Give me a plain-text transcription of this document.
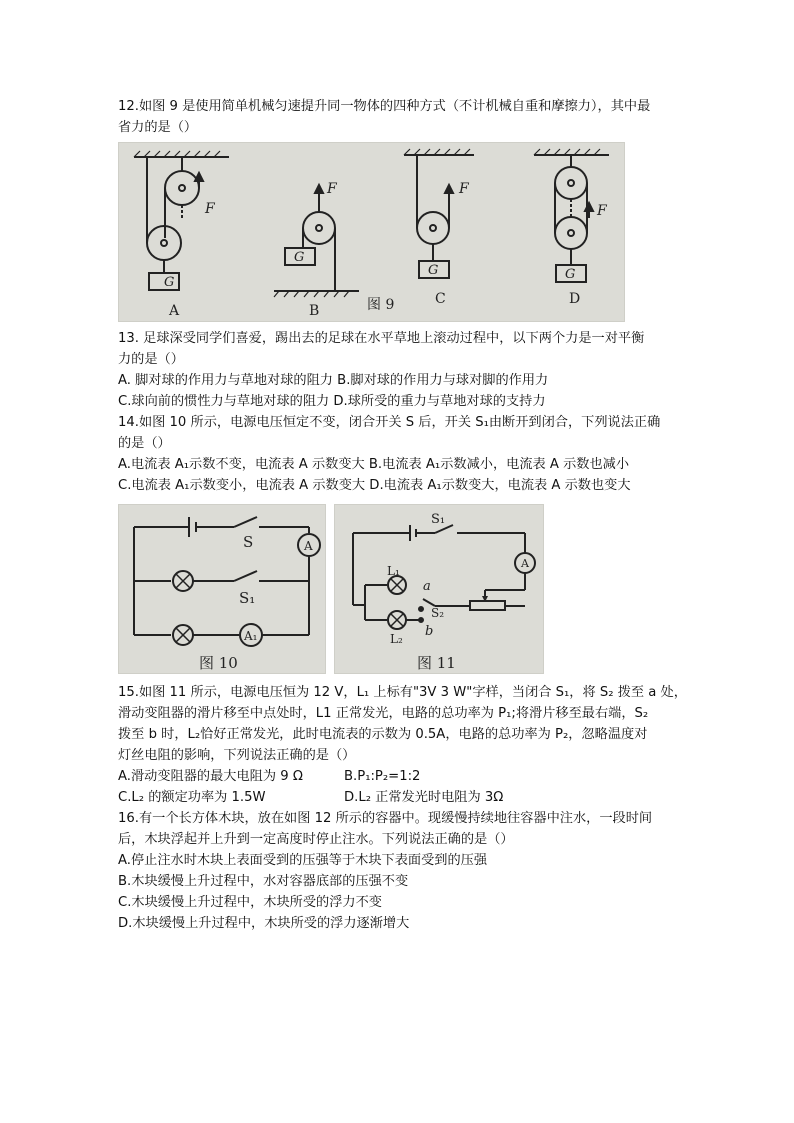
12.如图 9 是使用简单机械匀速提升同一物体的四种方式（不计机械自重和摩擦力），其中最
省力的是（）
G
F
A
F
G
B	图 9
F
G
C
F
G
D
13. 足球深受同学们喜爱，踢出去的足球在水平草地上滚动过程中，以下两个力是一对平衡
力的是（）
A. 脚对球的作用力与草地对球的阻力 B.脚对球的作用力与球对脚的作用力
C.球向前的惯性力与草地对球的阻力 D.球所受的重力与草地对球的支持力
14.如图 10 所示，电源电压恒定不变，闭合开关 S 后，开关 S₁由断开到闭合，下列说法正确
的是（）
A.电流表 A₁示数不变，电流表 A 示数变大 B.电流表 A₁示数减小，电流表 A 示数也减小
C.电流表 A₁示数变小，电流表 A 示数变大 D.电流表 A₁示数变大，电流表 A 示数也变大
S	A
S₁
A₁
图 10
S₁
A
L₁
a
S₂
b
L₂
图 11
15.如图 11 所示，电源电压恒为 12 V，L₁ 上标有"3V 3 W"字样，当闭合 S₁，将 S₂ 拨至 a 处，
滑动变阻器的滑片移至中点处时，L1 正常发光，电路的总功率为 P₁;将滑片移至最右端，S₂
拨至 b 时，L₂恰好正常发光，此时电流表的示数为 0.5A，电路的总功率为 P₂，忽略温度对
灯丝电阻的影响，下列说法正确的是（）
A.滑动变阻器的最大电阻为 9 Ω	B.P₁:P₂=1:2
C.L₂ 的额定功率为 1.5W	D.L₂ 正常发光时电阻为 3Ω
16.有一个长方体木块，放在如图 12 所示的容器中。现缓慢持续地往容器中注水，一段时间
后，木块浮起并上升到一定高度时停止注水。下列说法正确的是（）
A.停止注水时木块上表面受到的压强等于木块下表面受到的压强
B.木块缓慢上升过程中，水对容器底部的压强不变
C.木块缓慢上升过程中，木块所受的浮力不变
D.木块缓慢上升过程中，木块所受的浮力逐渐增大
